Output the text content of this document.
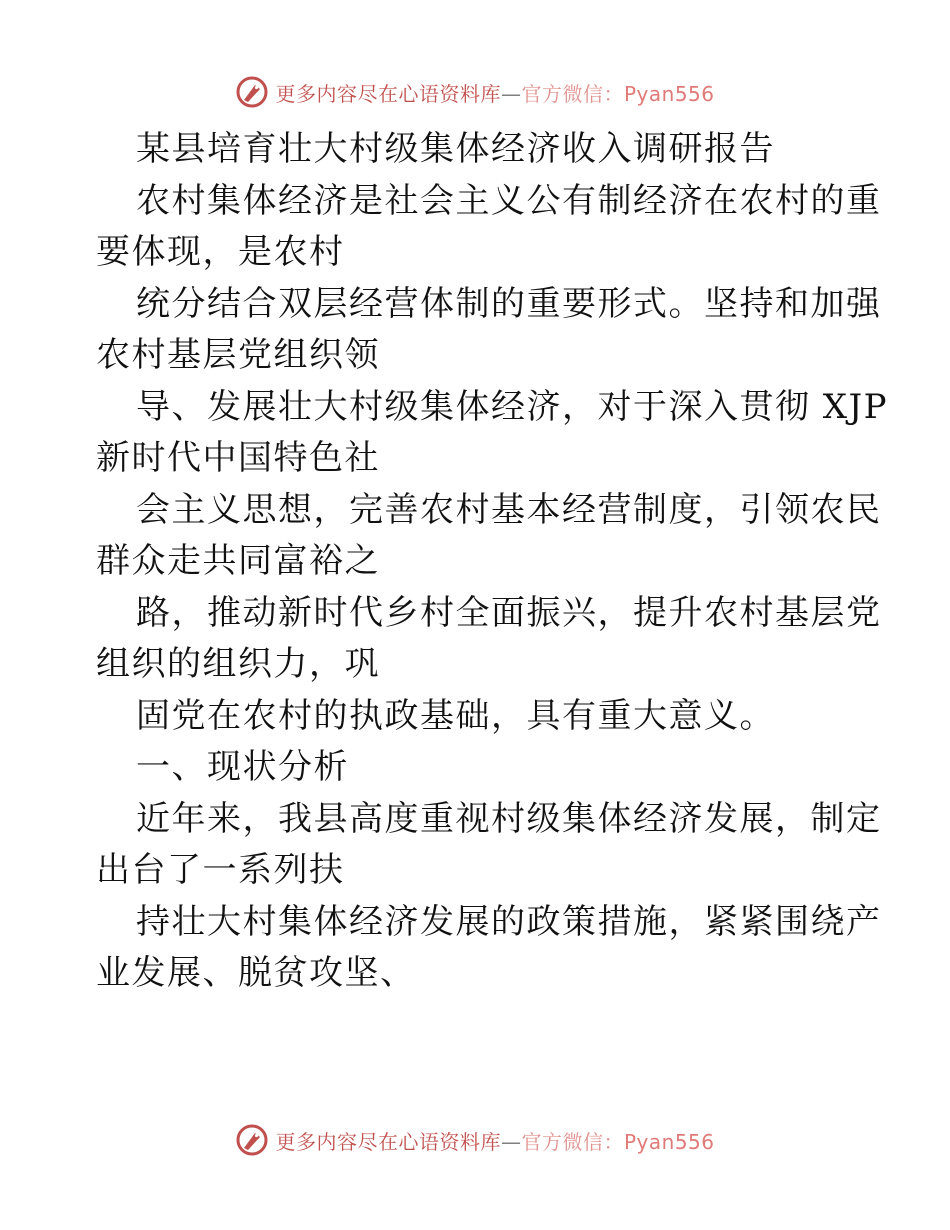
更多内容尽在心语资料库—官方微信：Pyan556
某县培育壮大村级集体经济收入调研报告
农村集体经济是社会主义公有制经济在农村的重
要体现，是农村
统分结合双层经营体制的重要形式。坚持和加强
农村基层党组织领
导、发展壮大村级集体经济，对于深入贯彻 XJP
新时代中国特色社
会主义思想，完善农村基本经营制度，引领农民
群众走共同富裕之
路，推动新时代乡村全面振兴，提升农村基层党
组织的组织力，巩
固党在农村的执政基础，具有重大意义。
一、现状分析
近年来，我县高度重视村级集体经济发展，制定
出台了一系列扶
持壮大村集体经济发展的政策措施，紧紧围绕产
业发展、脱贫攻坚、
更多内容尽在心语资料库—官方微信：Pyan556
